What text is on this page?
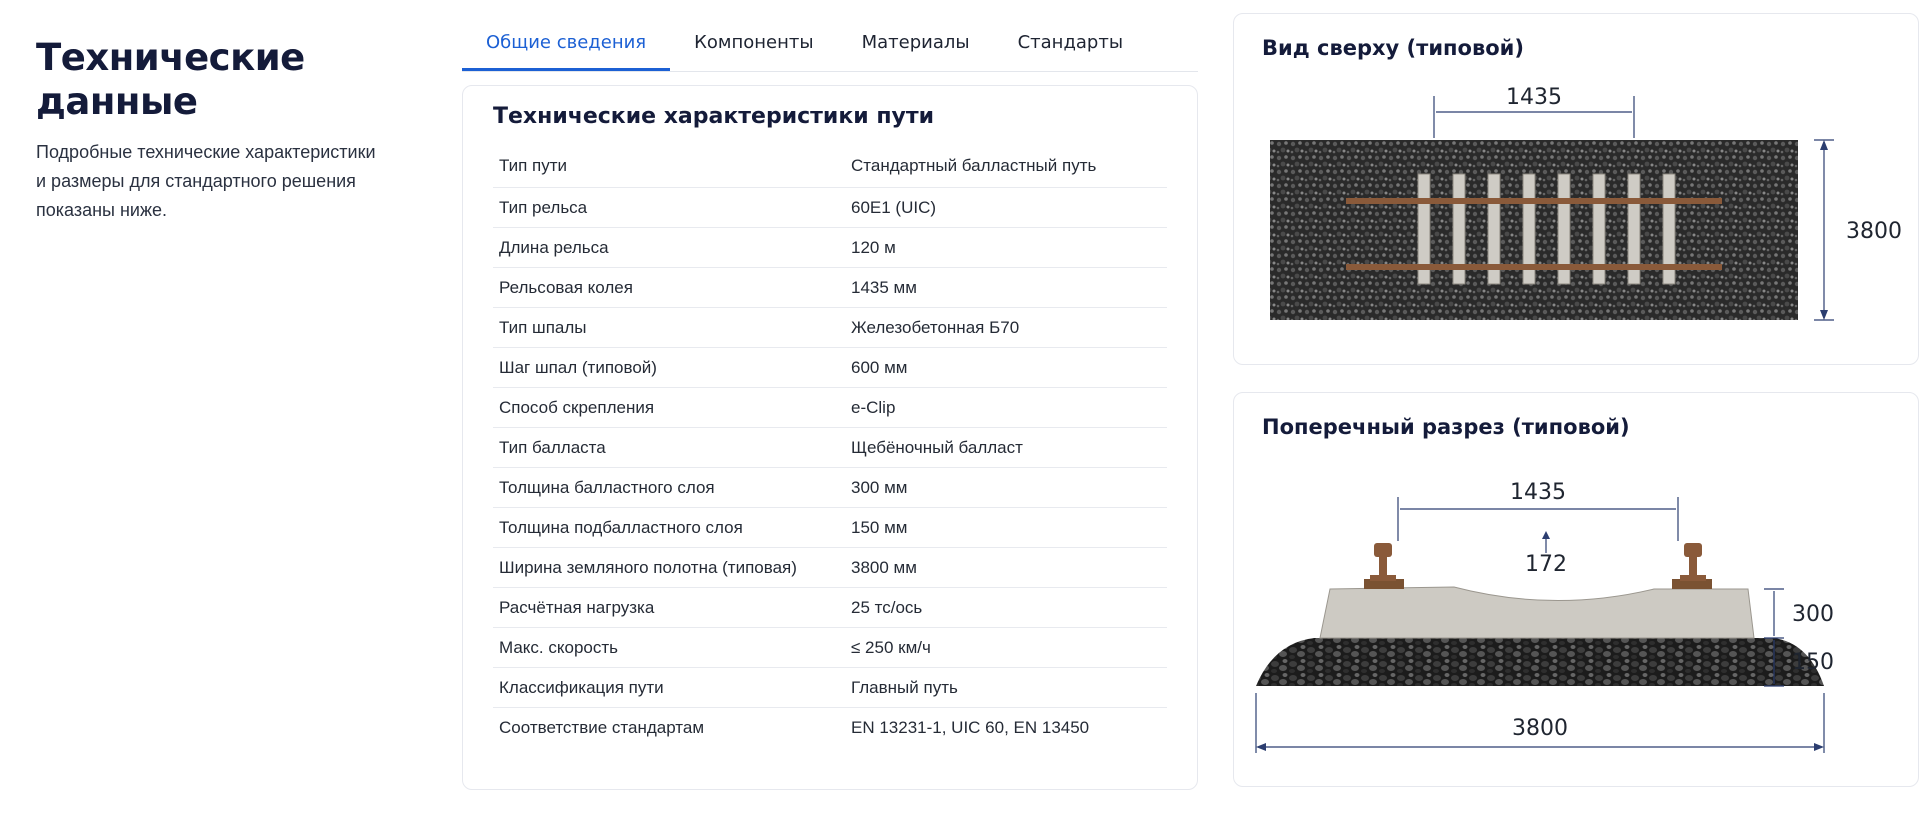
Технические данные

Подробные технические характеристики
и размеры для стандартного решения
показаны ниже.

Общие сведения	Компоненты	Материалы	Стандарты
Технические характеристики пути
Тип пути	Стандартный балластный путь
Тип рельса	60E1 (UIC)
Длина рельса	120 м
Рельсовая колея	1435 мм
Тип шпалы	Железобетонная Б70
Шаг шпал (типовой)	600 мм
Способ скрепления	e-Clip
Тип балласта	Щебёночный балласт
Толщина балластного слоя	300 мм
Толщина подбалластного слоя	150 мм
Ширина земляного полотна (типовая)	3800 мм
Расчётная нагрузка	25 тс/ось
Макс. скорость	≤ 250 км/ч
Классификация пути	Главный путь
Соответствие стандартам	EN 13231-1, UIC 60, EN 13450
Вид сверху (типовой)
1435
3800
Поперечный разрез (типовой)
1435
172
300
150
3800
